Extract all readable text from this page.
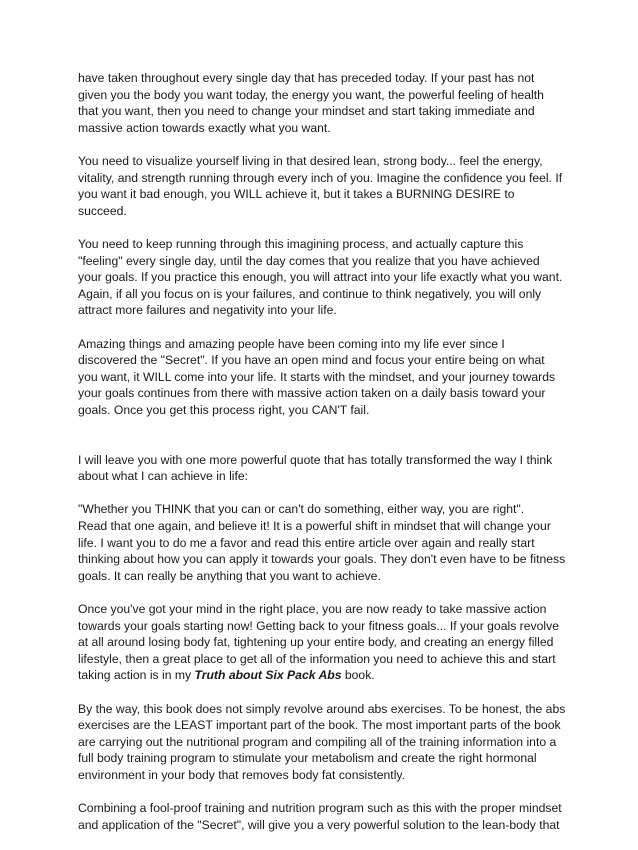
have taken throughout every single day that has preceded today. If your past has not given you the body you want today, the energy you want, the powerful feeling of health that you want, then you need to change your mindset and start taking immediate and massive action towards exactly what you want.

You need to visualize yourself living in that desired lean, strong body... feel the energy, vitality, and strength running through every inch of you. Imagine the confidence you feel. If you want it bad enough, you WILL achieve it, but it takes a BURNING DESIRE to succeed.

You need to keep running through this imagining process, and actually capture this "feeling" every single day, until the day comes that you realize that you have achieved your goals. If you practice this enough, you will attract into your life exactly what you want. Again, if all you focus on is your failures, and continue to think negatively, you will only attract more failures and negativity into your life.

Amazing things and amazing people have been coming into my life ever since I discovered the "Secret". If you have an open mind and focus your entire being on what you want, it WILL come into your life. It starts with the mindset, and your journey towards your goals continues from there with massive action taken on a daily basis toward your goals. Once you get this process right, you CAN'T fail.

I will leave you with one more powerful quote that has totally transformed the way I think about what I can achieve in life:

"Whether you THINK that you can or can't do something, either way, you are right".

Read that one again, and believe it! It is a powerful shift in mindset that will change your life. I want you to do me a favor and read this entire article over again and really start thinking about how you can apply it towards your goals. They don't even have to be fitness goals. It can really be anything that you want to achieve.

Once you've got your mind in the right place, you are now ready to take massive action towards your goals starting now! Getting back to your fitness goals... If your goals revolve at all around losing body fat, tightening up your entire body, and creating an energy filled lifestyle, then a great place to get all of the information you need to achieve this and start taking action is in my Truth about Six Pack Abs book.

By the way, this book does not simply revolve around abs exercises. To be honest, the abs exercises are the LEAST important part of the book. The most important parts of the book are carrying out the nutritional program and compiling all of the training information into a full body training program to stimulate your metabolism and create the right hormonal environment in your body that removes body fat consistently.

Combining a fool-proof training and nutrition program such as this with the proper mindset and application of the "Secret", will give you a very powerful solution to the lean-body that
